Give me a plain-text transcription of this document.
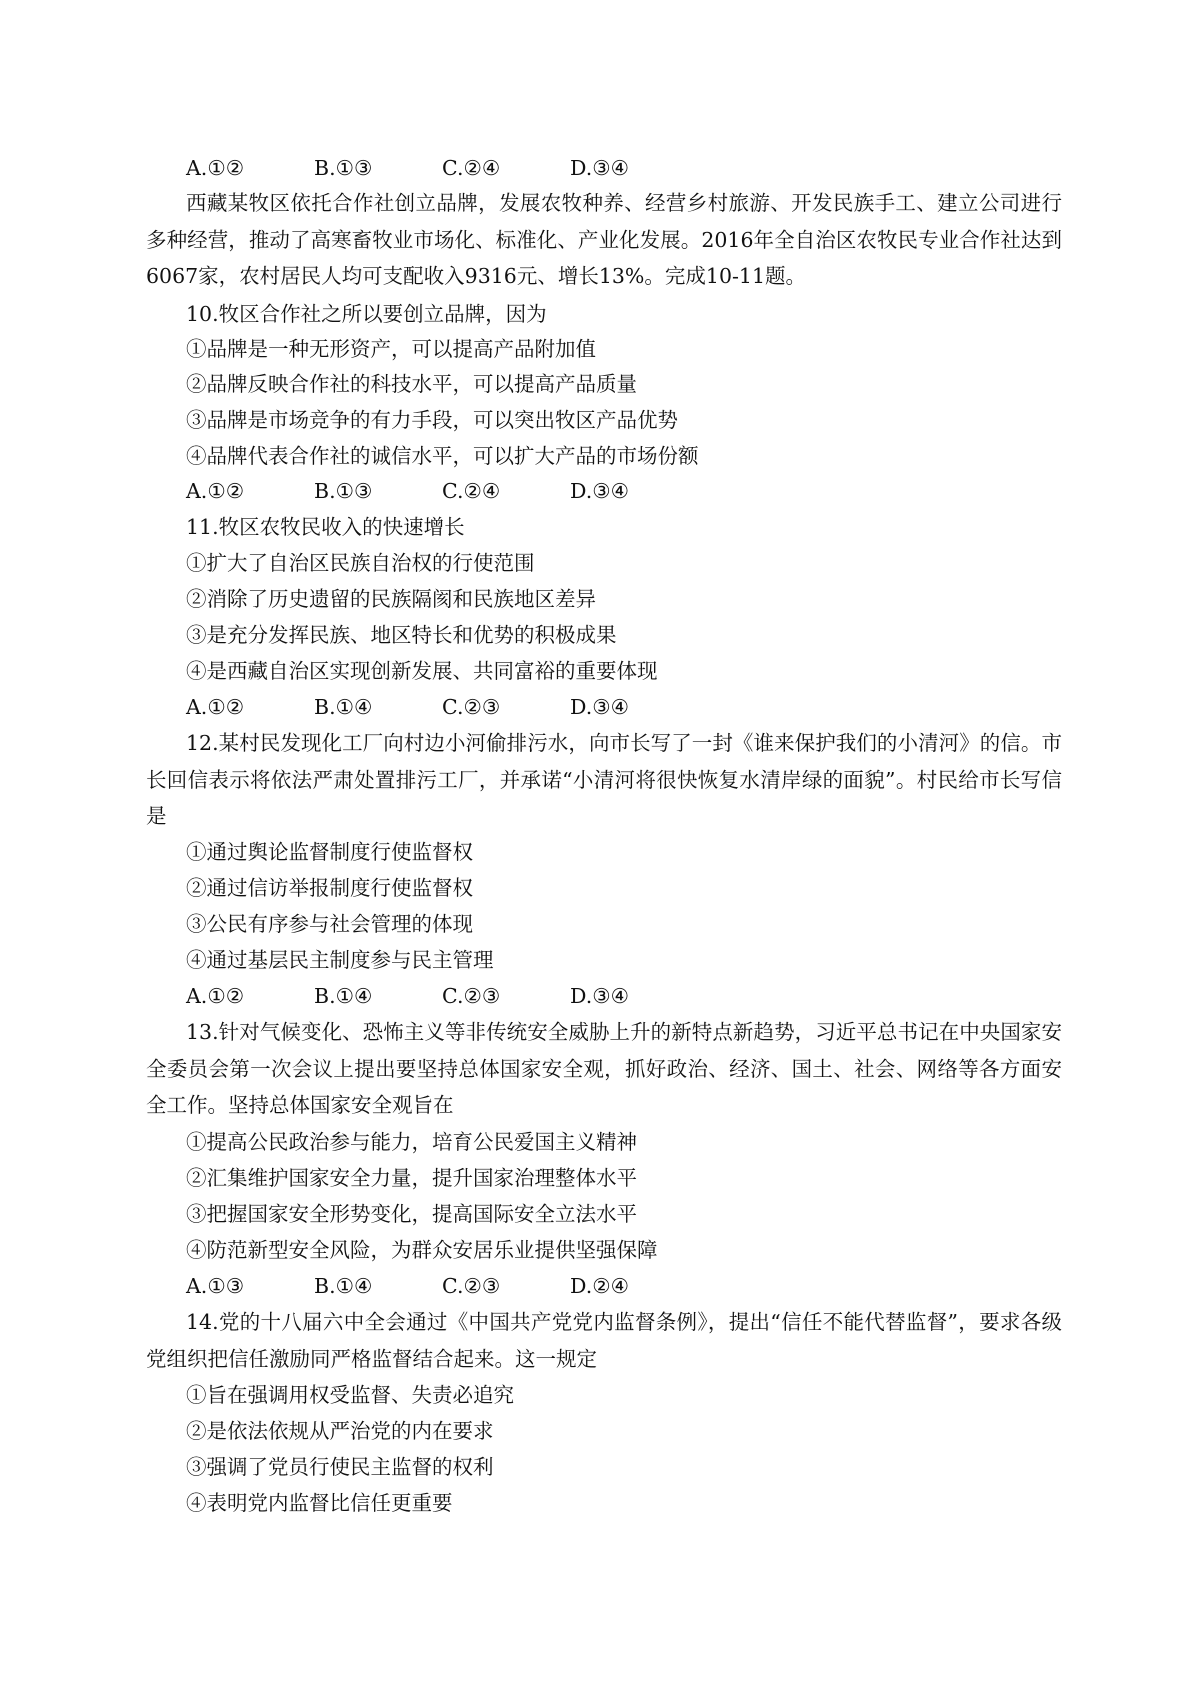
A.①②	B.①③	C.②④	D.③④
西藏某牧区依托合作社创立品牌，发展农牧种养、经营乡村旅游、开发民族手工、建立公司进行多种经营，推动了高寒畜牧业市场化、标准化、产业化发展。2016年全自治区农牧民专业合作社达到6067家，农村居民人均可支配收入9316元、增长13%。完成10-11题。
10.牧区合作社之所以要创立品牌，因为
①品牌是一种无形资产，可以提高产品附加值
②品牌反映合作社的科技水平，可以提高产品质量
③品牌是市场竞争的有力手段，可以突出牧区产品优势
④品牌代表合作社的诚信水平，可以扩大产品的市场份额
A.①②	B.①③	C.②④	D.③④
11.牧区农牧民收入的快速增长
①扩大了自治区民族自治权的行使范围
②消除了历史遗留的民族隔阂和民族地区差异
③是充分发挥民族、地区特长和优势的积极成果
④是西藏自治区实现创新发展、共同富裕的重要体现
A.①②	B.①④	C.②③	D.③④
12.某村民发现化工厂向村边小河偷排污水，向市长写了一封《谁来保护我们的小清河》的信。市长回信表示将依法严肃处置排污工厂，并承诺“小清河将很快恢复水清岸绿的面貌”。村民给市长写信是
①通过舆论监督制度行使监督权
②通过信访举报制度行使监督权
③公民有序参与社会管理的体现
④通过基层民主制度参与民主管理
A.①②	B.①④	C.②③	D.③④
13.针对气候变化、恐怖主义等非传统安全威胁上升的新特点新趋势，习近平总书记在中央国家安全委员会第一次会议上提出要坚持总体国家安全观，抓好政治、经济、国土、社会、网络等各方面安全工作。坚持总体国家安全观旨在
①提高公民政治参与能力，培育公民爱国主义精神
②汇集维护国家安全力量，提升国家治理整体水平
③把握国家安全形势变化，提高国际安全立法水平
④防范新型安全风险，为群众安居乐业提供坚强保障
A.①③	B.①④	C.②③	D.②④
14.党的十八届六中全会通过《中国共产党党内监督条例》，提出“信任不能代替监督”，要求各级党组织把信任激励同严格监督结合起来。这一规定
①旨在强调用权受监督、失责必追究
②是依法依规从严治党的内在要求
③强调了党员行使民主监督的权利
④表明党内监督比信任更重要
